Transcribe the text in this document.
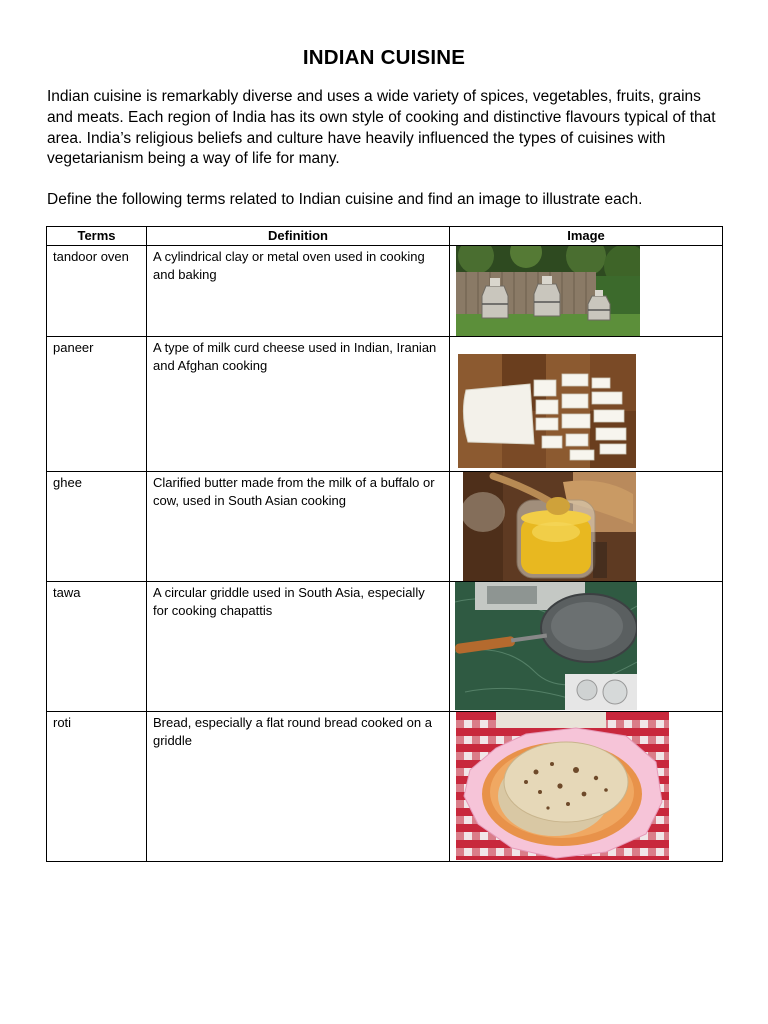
INDIAN CUISINE

Indian cuisine is remarkably diverse and uses a wide variety of spices, vegetables, fruits, grains and meats. Each region of India has its own style of cooking and distinctive flavours typical of that area. India’s religious beliefs and culture have heavily influenced the types of cuisines with vegetarianism being a way of life for many.

Define the following terms related to Indian cuisine and find an image to illustrate each.

Terms	Definition	Image
tandoor oven	A cylindrical clay or metal oven used in cooking and baking	

paneer	A type of milk curd cheese used in Indian, Iranian and Afghan cooking	

ghee	Clarified butter made from the milk of a buffalo or cow, used in South Asian cooking	

tawa	A circular griddle used in South Asia, especially for cooking chapattis	

roti	Bread, especially a flat round bread cooked on a griddle	
